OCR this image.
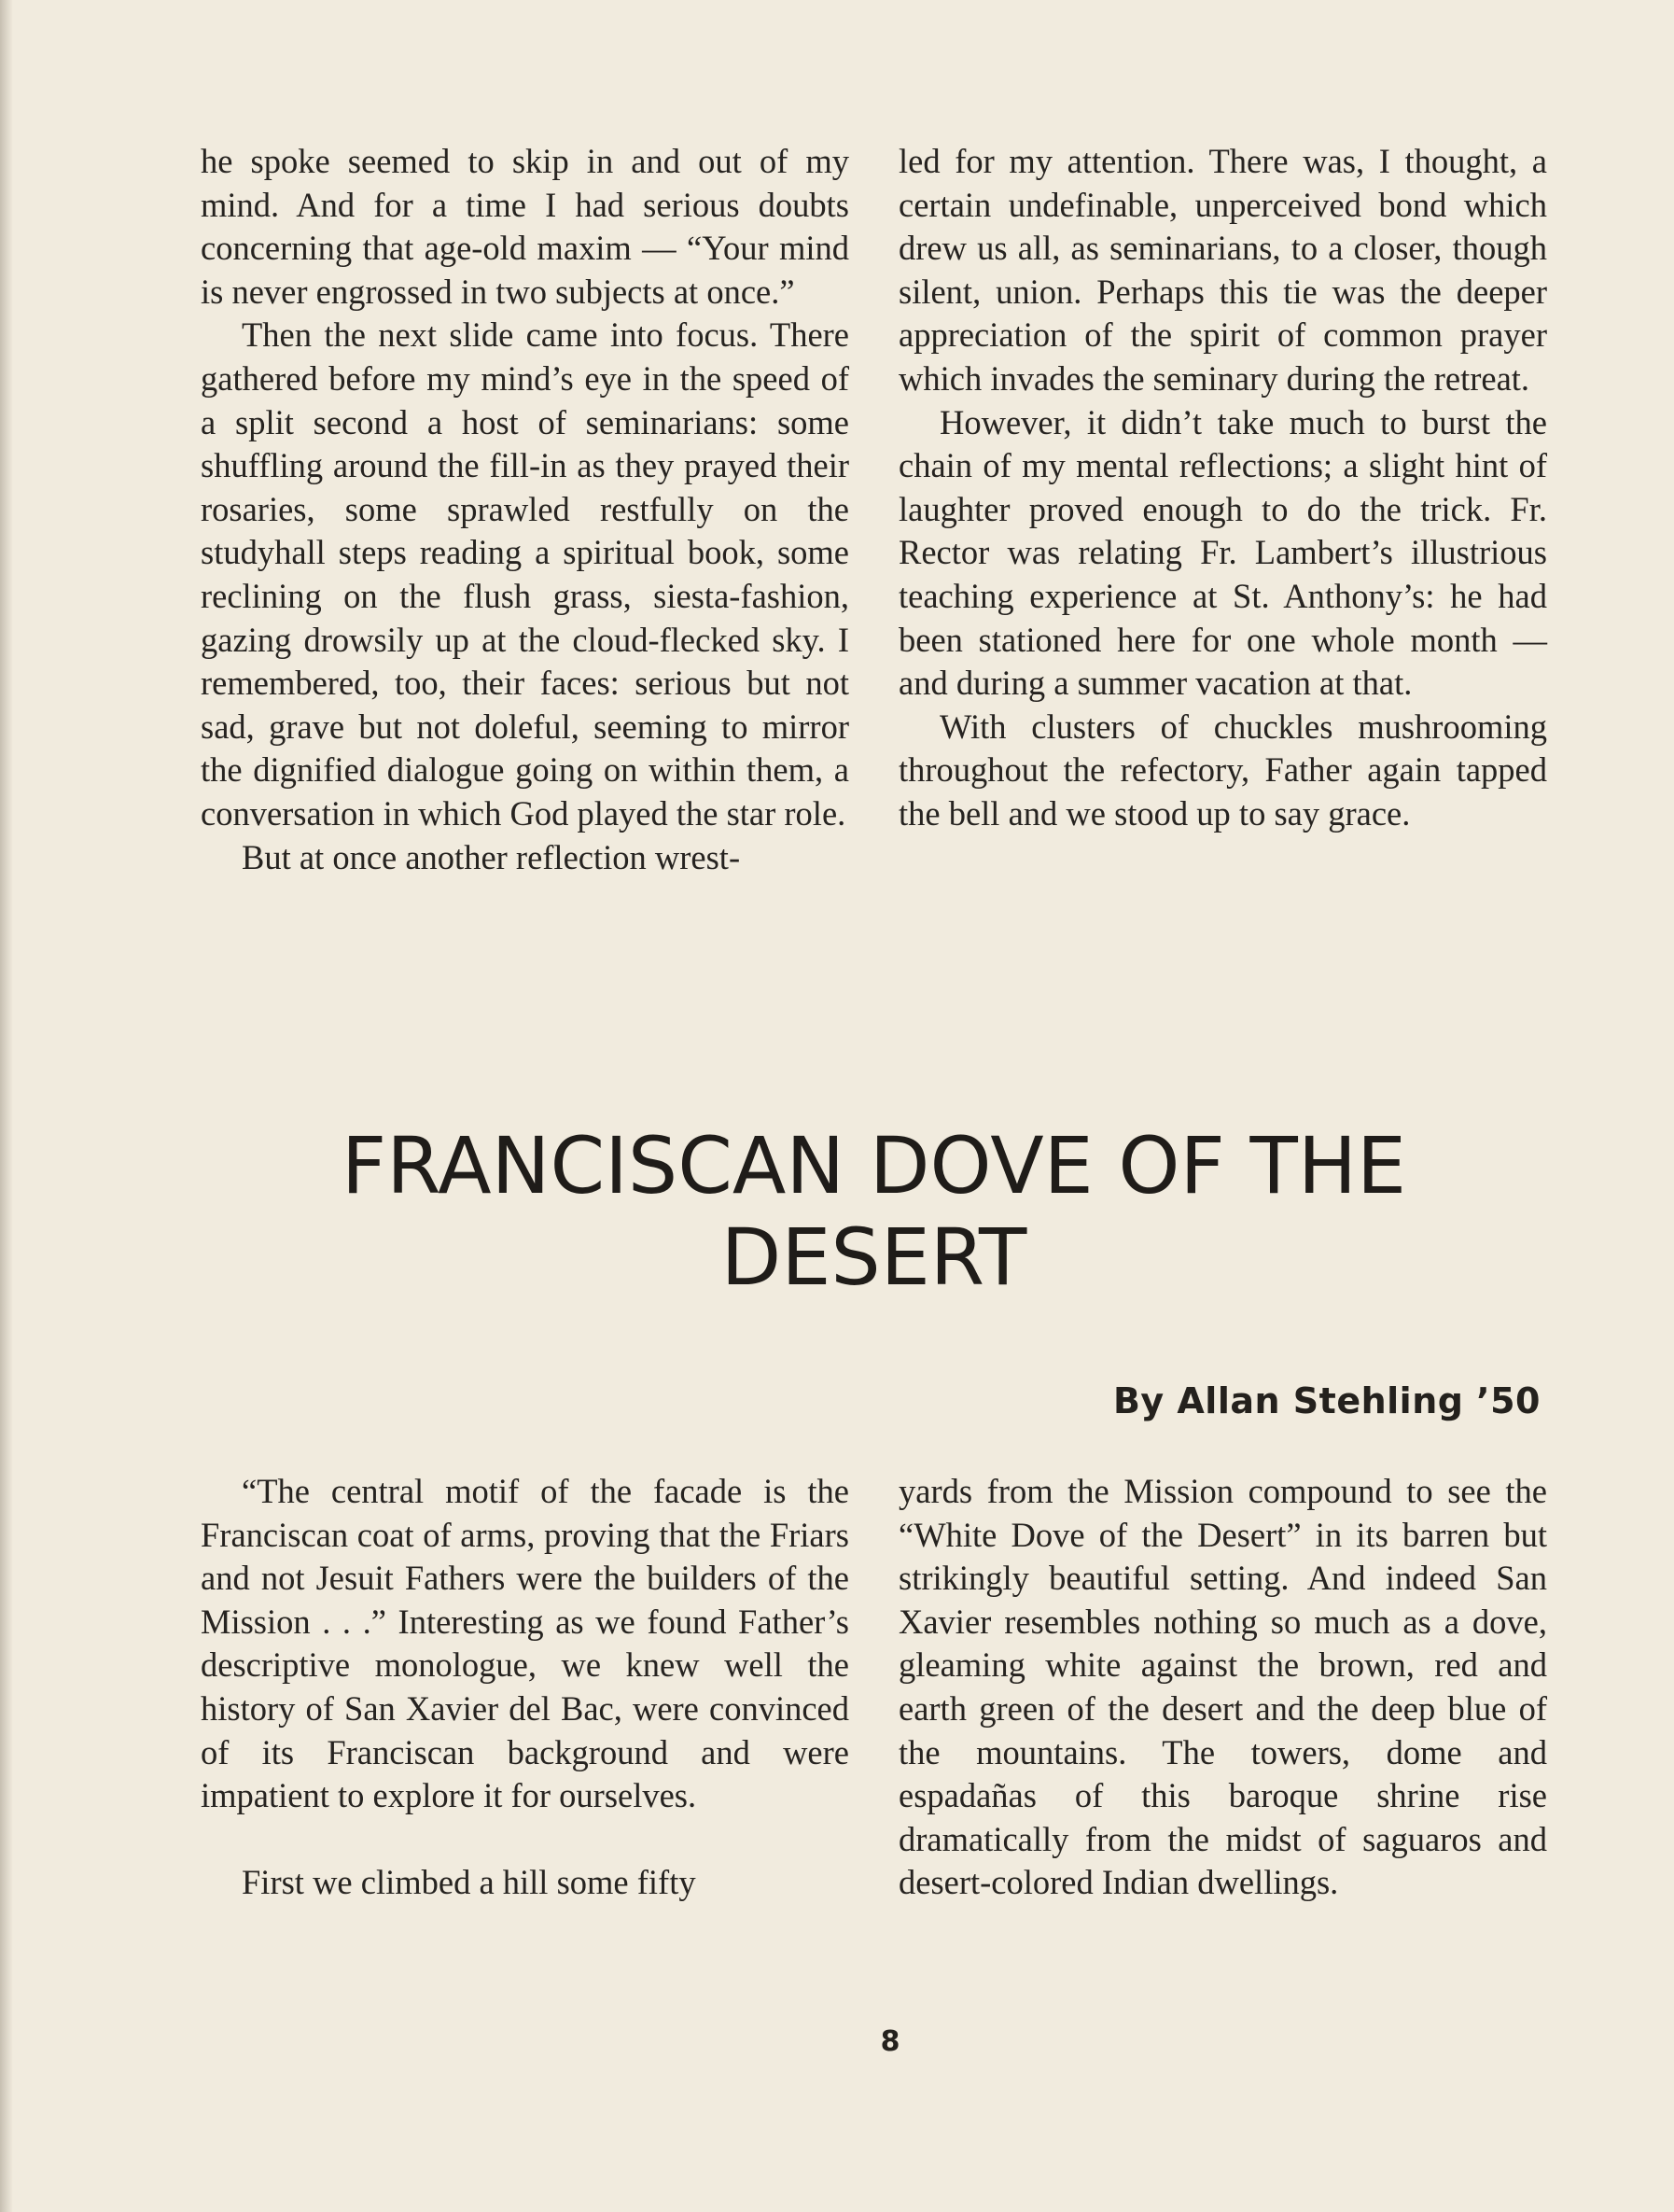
he spoke seemed to skip in and out of my mind. And for a time I had serious doubts concerning that age-old maxim — “Your mind is never engrossed in two subjects at once.”

Then the next slide came into focus. There gathered before my mind’s eye in the speed of a split second a host of seminarians: some shuffling around the fill-in as they prayed their rosaries, some sprawled restfully on the studyhall steps reading a spiritual book, some reclining on the flush grass, siesta-fashion, gazing drowsily up at the cloud-flecked sky. I remembered, too, their faces: serious but not sad, grave but not doleful, seeming to mirror the dignified dialogue going on within them, a conversation in which God played the star role.

But at once another reflection wrest-

led for my attention. There was, I thought, a certain undefinable, unperceived bond which drew us all, as seminarians, to a closer, though silent, union. Perhaps this tie was the deeper appreciation of the spirit of common prayer which invades the seminary during the retreat.

However, it didn’t take much to burst the chain of my mental reflections; a slight hint of laughter proved enough to do the trick. Fr. Rector was relating Fr. Lambert’s illustrious teaching experience at St. Anthony’s: he had been stationed here for one whole month — and during a summer vacation at that.

With clusters of chuckles mushrooming throughout the refectory, Father again tapped the bell and we stood up to say grace.

FRANCISCAN DOVE OF THE DESERT

By Allan Stehling ’50

“The central motif of the facade is the Franciscan coat of arms, proving that the Friars and not Jesuit Fathers were the builders of the Mission . . .” Interesting as we found Father’s descriptive monologue, we knew well the history of San Xavier del Bac, were convinced of its Franciscan background and were impatient to explore it for ourselves.

First we climbed a hill some fifty

yards from the Mission compound to see the “White Dove of the Desert” in its barren but strikingly beautiful setting. And indeed San Xavier resembles nothing so much as a dove, gleaming white against the brown, red and earth green of the desert and the deep blue of the mountains. The towers, dome and espadañas of this baroque shrine rise dramatically from the midst of saguaros and desert-colored Indian dwellings.

8
